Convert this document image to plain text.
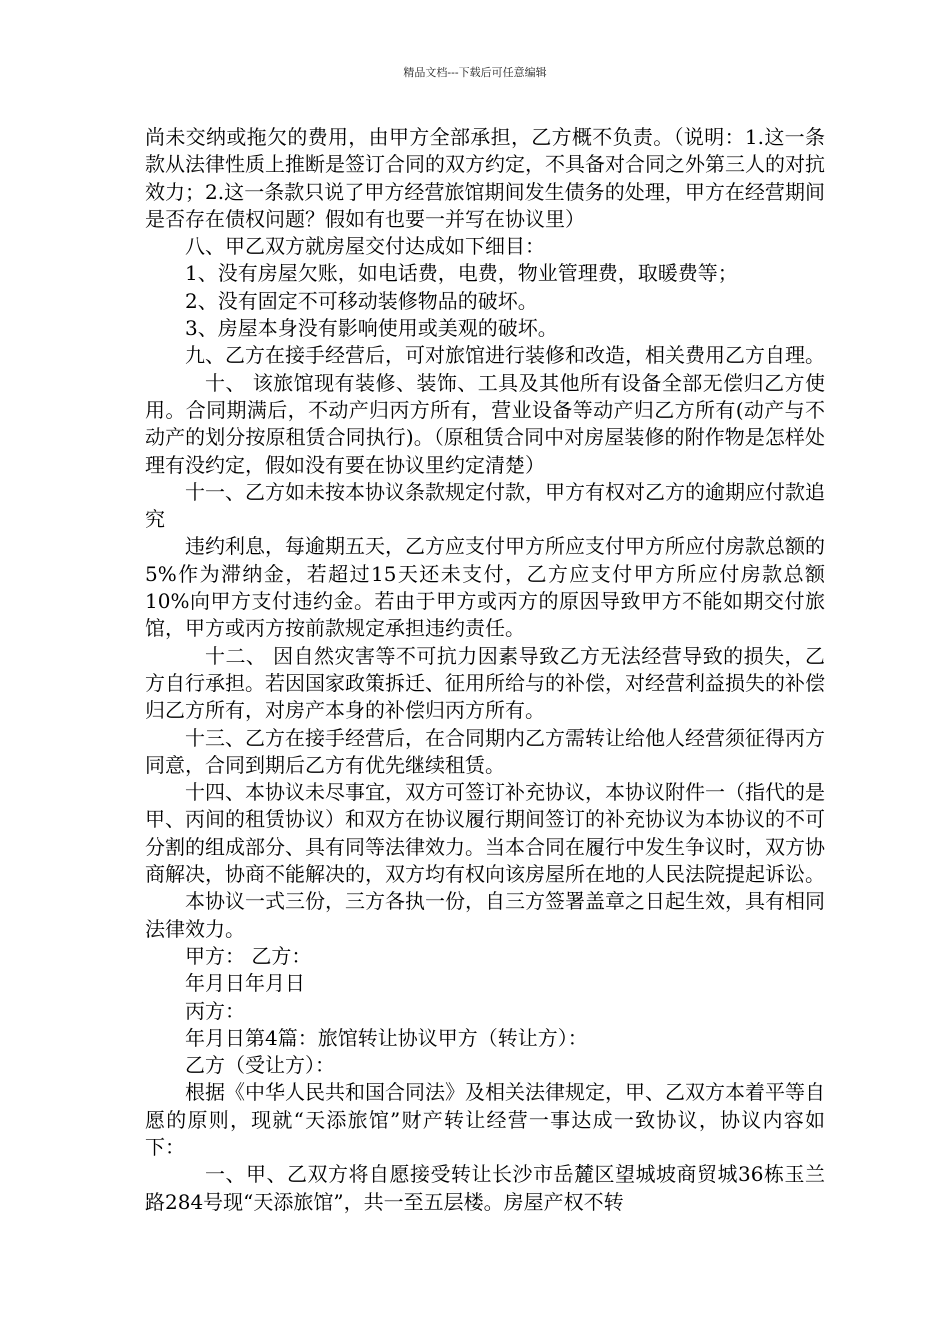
精品文档---下载后可任意编辑

尚未交纳或拖欠的费用，由甲方全部承担，乙方概不负责。（说明：1.这一条款从法律性质上推断是签订合同的双方约定，不具备对合同之外第三人的对抗效力；2.这一条款只说了甲方经营旅馆期间发生债务的处理，甲方在经营期间是否存在债权问题？假如有也要一并写在协议里）

八、甲乙双方就房屋交付达成如下细目：

1、没有房屋欠账，如电话费，电费，物业管理费，取暖费等；

2、没有固定不可移动装修物品的破坏。

3、房屋本身没有影响使用或美观的破坏。

九、乙方在接手经营后，可对旅馆进行装修和改造，相关费用乙方自理。

十、 该旅馆现有装修、装饰、工具及其他所有设备全部无偿归乙方使用。合同期满后，不动产归丙方所有，营业设备等动产归乙方所有(动产与不动产的划分按原租赁合同执行)。（原租赁合同中对房屋装修的附作物是怎样处理有没约定，假如没有要在协议里约定清楚）

十一、乙方如未按本协议条款规定付款，甲方有权对乙方的逾期应付款追究

违约利息，每逾期五天，乙方应支付甲方所应支付甲方所应付房款总额的5%作为滞纳金，若超过15天还未支付，乙方应支付甲方所应付房款总额10%向甲方支付违约金。若由于甲方或丙方的原因导致甲方不能如期交付旅馆，甲方或丙方按前款规定承担违约责任。

十二、 因自然灾害等不可抗力因素导致乙方无法经营导致的损失，乙方自行承担。若因国家政策拆迁、征用所给与的补偿，对经营利益损失的补偿归乙方所有，对房产本身的补偿归丙方所有。

十三、乙方在接手经营后，在合同期内乙方需转让给他人经营须征得丙方同意，合同到期后乙方有优先继续租赁。

十四、本协议未尽事宜，双方可签订补充协议，本协议附件一（指代的是甲、丙间的租赁协议）和双方在协议履行期间签订的补充协议为本协议的不可分割的组成部分、具有同等法律效力。当本合同在履行中发生争议时，双方协商解决，协商不能解决的，双方均有权向该房屋所在地的人民法院提起诉讼。

本协议一式三份，三方各执一份，自三方签署盖章之日起生效，具有相同法律效力。

甲方： 乙方：

年月日年月日

丙方：

年月日第4篇：旅馆转让协议甲方（转让方）：

乙方（受让方）：

根据《中华人民共和国合同法》及相关法律规定，甲、乙双方本着平等自愿的原则，现就“天添旅馆”财产转让经营一事达成一致协议，协议内容如下：

一、甲、乙双方将自愿接受转让长沙市岳麓区望城坡商贸城36栋玉兰路284号现“天添旅馆”，共一至五层楼。房屋产权不转
